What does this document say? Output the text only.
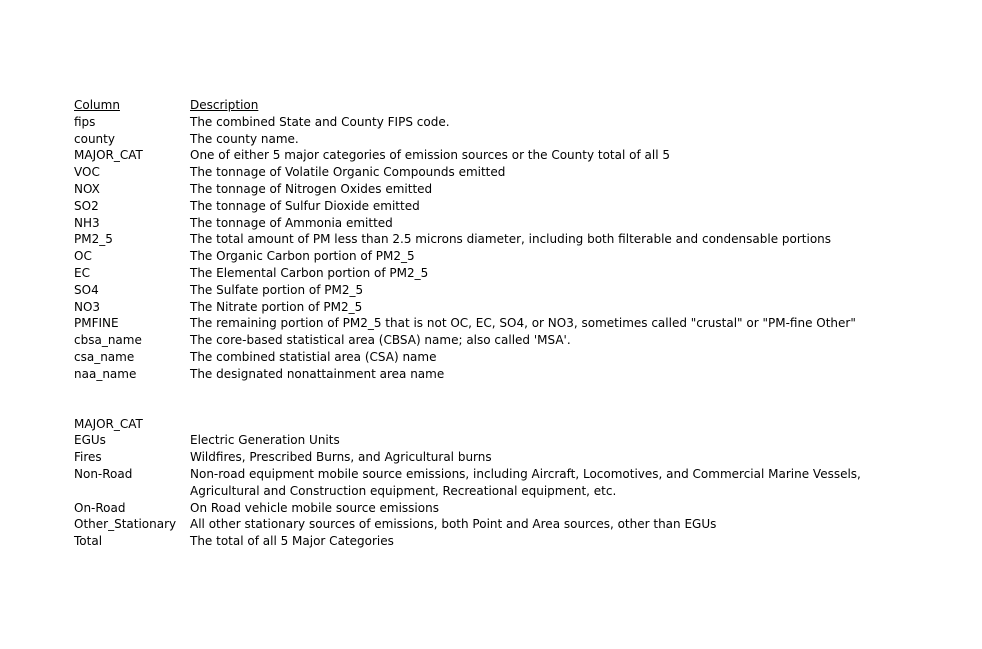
Column	Description
fips	The combined State and County FIPS code.
county	The county name.
MAJOR_CAT	One of either 5 major categories of emission sources or the County total of all 5
VOC	The tonnage of Volatile Organic Compounds emitted
NOX	The tonnage of Nitrogen Oxides emitted
SO2	The tonnage of Sulfur Dioxide emitted
NH3	The tonnage of Ammonia emitted
PM2_5	The total amount of PM less than 2.5 microns diameter, including both filterable and condensable portions
OC	The Organic Carbon portion of PM2_5
EC	The Elemental Carbon portion of PM2_5
SO4	The Sulfate portion of PM2_5
NO3	The Nitrate portion of PM2_5
PMFINE	The remaining portion of PM2_5 that is not OC, EC, SO4, or NO3, sometimes called "crustal" or "PM-fine Other"
cbsa_name	The core-based statistical area (CBSA) name; also called 'MSA'.
csa_name	The combined statistial area (CSA) name
naa_name	The designated nonattainment area name
MAJOR_CAT
EGUs	Electric Generation Units
Fires	Wildfires, Prescribed Burns, and Agricultural burns
Non-Road	Non-road equipment mobile source emissions, including Aircraft, Locomotives, and Commercial Marine Vessels,
Agricultural and Construction equipment, Recreational equipment, etc.
On-Road	On Road vehicle mobile source emissions
Other_Stationary	All other stationary sources of emissions, both Point and Area sources, other than EGUs
Total	The total of all 5 Major Categories
